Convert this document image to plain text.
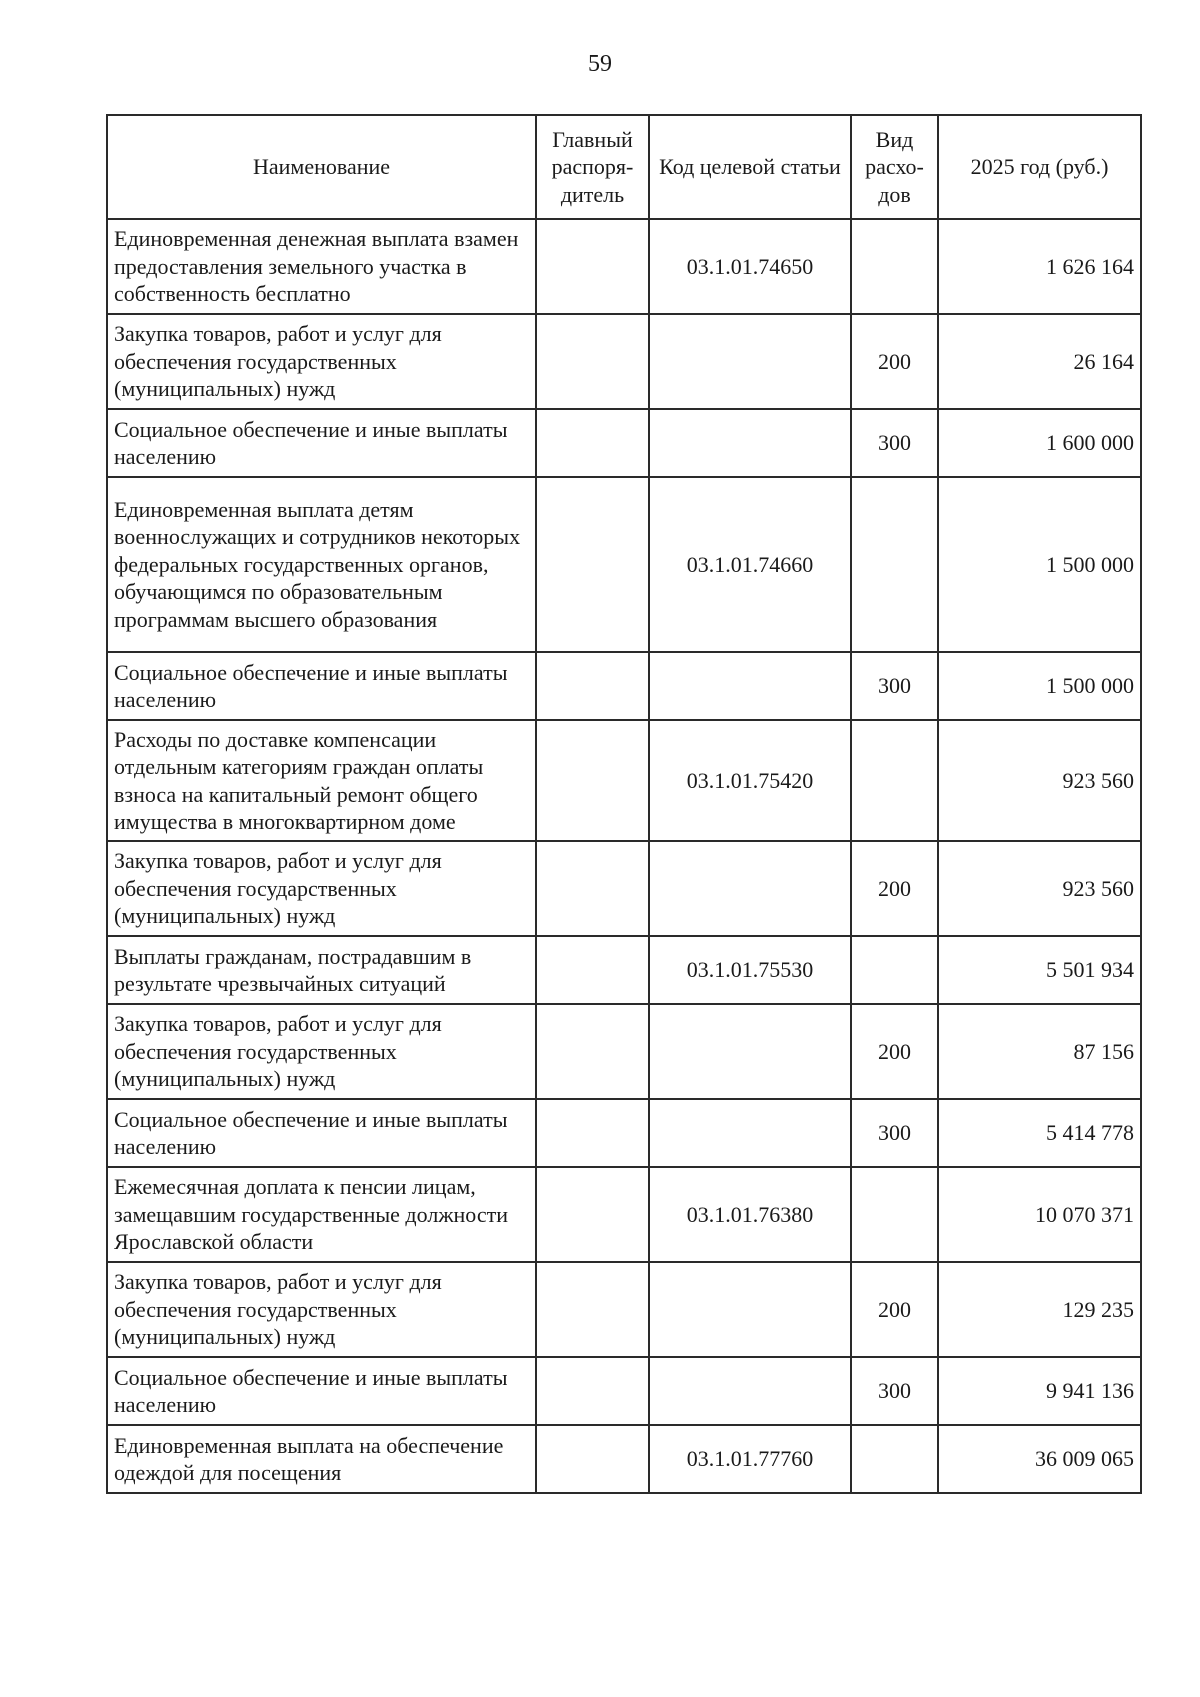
59
Наименование	Главный распоря-дитель	Код целевой статьи	Вид расхо-дов	2025 год (руб.)
Единовременная денежная выплата взамен предоставления земельного участка в собственность бесплатно		03.1.01.74650		1 626 164
Закупка товаров, работ и услуг для обеспечения государственных (муниципальных) нужд			200	26 164
Социальное обеспечение и иные выплаты населению			300	1 600 000
Единовременная выплата детям военнослужащих и сотрудников некоторых федеральных государственных органов, обучающимся по образовательным программам высшего образования		03.1.01.74660		1 500 000
Социальное обеспечение и иные выплаты населению			300	1 500 000
Расходы по доставке компенсации отдельным категориям граждан оплаты взноса на капитальный ремонт общего имущества в многоквартирном доме		03.1.01.75420		923 560
Закупка товаров, работ и услуг для обеспечения государственных (муниципальных) нужд			200	923 560
Выплаты гражданам, пострадавшим в результате чрезвычайных ситуаций		03.1.01.75530		5 501 934
Закупка товаров, работ и услуг для обеспечения государственных (муниципальных) нужд			200	87 156
Социальное обеспечение и иные выплаты населению			300	5 414 778
Ежемесячная доплата к пенсии лицам, замещавшим государственные должности Ярославской области		03.1.01.76380		10 070 371
Закупка товаров, работ и услуг для обеспечения государственных (муниципальных) нужд			200	129 235
Социальное обеспечение и иные выплаты населению			300	9 941 136
Единовременная выплата на обеспечение одеждой для посещения		03.1.01.77760		36 009 065
